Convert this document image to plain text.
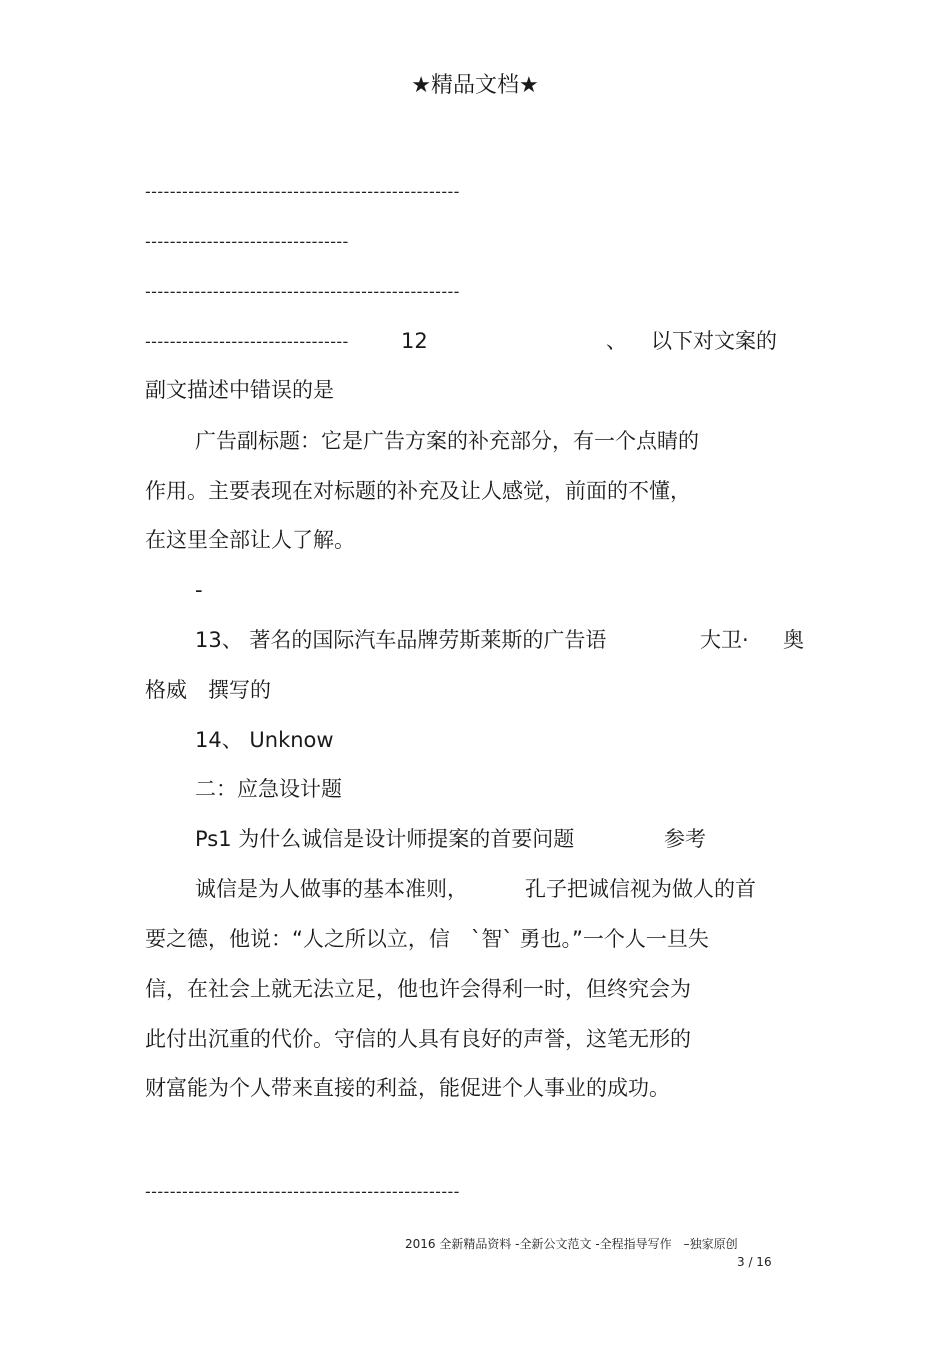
★精品文档★
---------------------------------------------------
---------------------------------
---------------------------------------------------
--------------------------------- 12	、 以下对文案的
副文描述中错误的是
广告副标题：它是广告方案的补充部分，有一个点睛的
作用。主要表现在对标题的补充及让人感觉，前面的不懂，
在这里全部让人了解。
-
13、 著名的国际汽车品牌劳斯莱斯的广告语	大卫· 奥
格威　撰写的
14、 Unknow
二：应急设计题
Ps1 为什么诚信是设计师提案的首要问题	参考
诚信是为人做事的基本准则，	孔子把诚信视为做人的首
要之德，他说：“人之所以立，信　`智` 勇也。”一个人一旦失
信，在社会上就无法立足，他也许会得利一时，但终究会为
此付出沉重的代价。守信的人具有良好的声誉，这笔无形的
财富能为个人带来直接的利益，能促进个人事业的成功。
---------------------------------------------------
2016 全新精品资料 -全新公文范文 -全程指导写作　–独家原创
3 / 16
